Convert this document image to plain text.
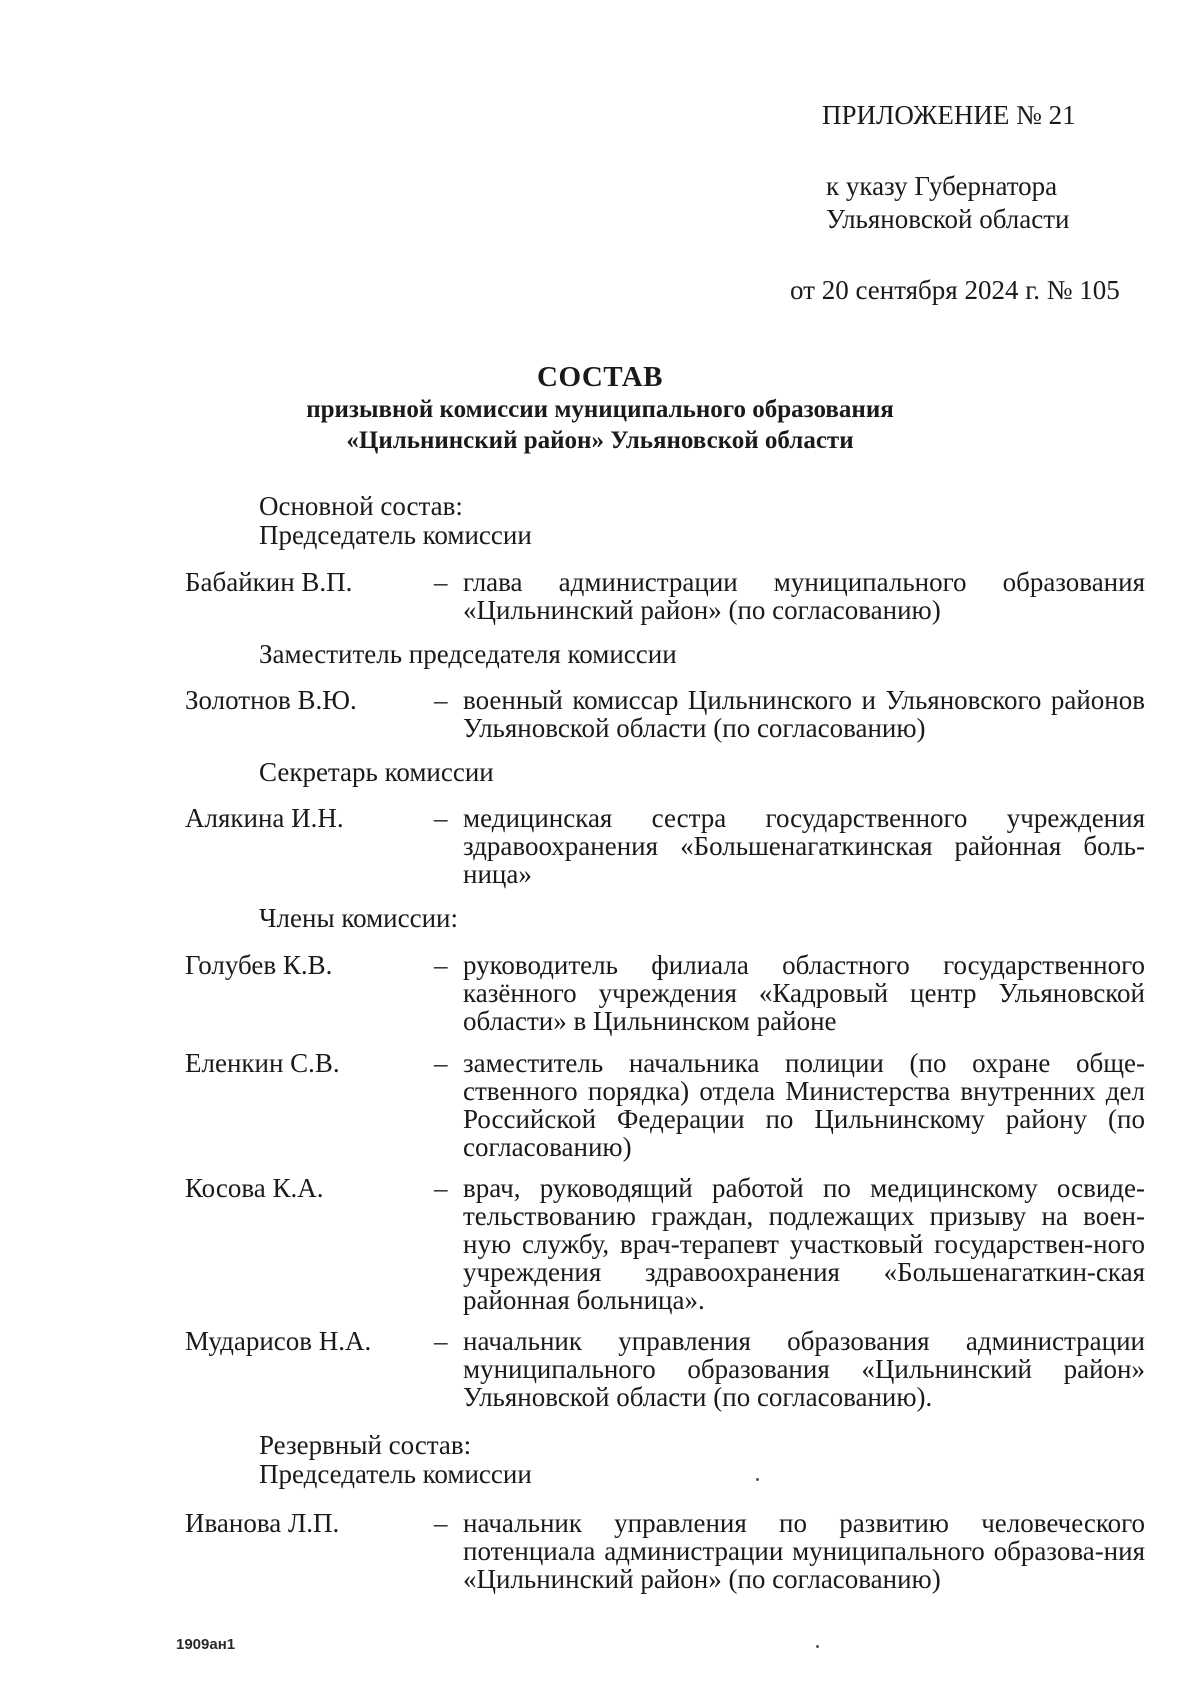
ПРИЛОЖЕНИЕ № 21
к указу Губернатора
Ульяновской области
от 20 сентября 2024 г. № 105
СОСТАВ
призывной комиссии муниципального образования
«Цильнинский район» Ульяновской области
Основной состав:
Председатель комиссии
Бабайкин В.П.	– глава администрации муниципального образования «Цильнинский район» (по согласованию)
Заместитель председателя комиссии
Золотнов В.Ю.	– военный комиссар Цильнинского и Ульяновского районов Ульяновской области (по согласованию)
Секретарь комиссии
Алякина И.Н.	– медицинская сестра государственного учреждения здравоохранения «Большенагаткинская районная боль-ница»
Члены комиссии:
Голубев К.В.	– руководитель филиала областного государственного казённого учреждения «Кадровый центр Ульяновской области» в Цильнинском районе
Еленкин С.В.	– заместитель начальника полиции (по охране обще-ственного порядка) отдела Министерства внутренних дел Российской Федерации по Цильнинскому району (по согласованию)
Косова К.А.	– врач, руководящий работой по медицинскому освиде-тельствованию граждан, подлежащих призыву на воен-ную службу, врач-терапевт участковый государствен-ного учреждения здравоохранения «Большенагаткин-ская районная больница».
Мударисов Н.А. – начальник управления образования администрации муниципального образования «Цильнинский район» Ульяновской области (по согласованию).
Резервный состав:
Председатель комиссии
Иванова Л.П.	– начальник управления по развитию человеческого потенциала администрации муниципального образова-ния «Цильнинский район» (по согласованию)
1909ан1
